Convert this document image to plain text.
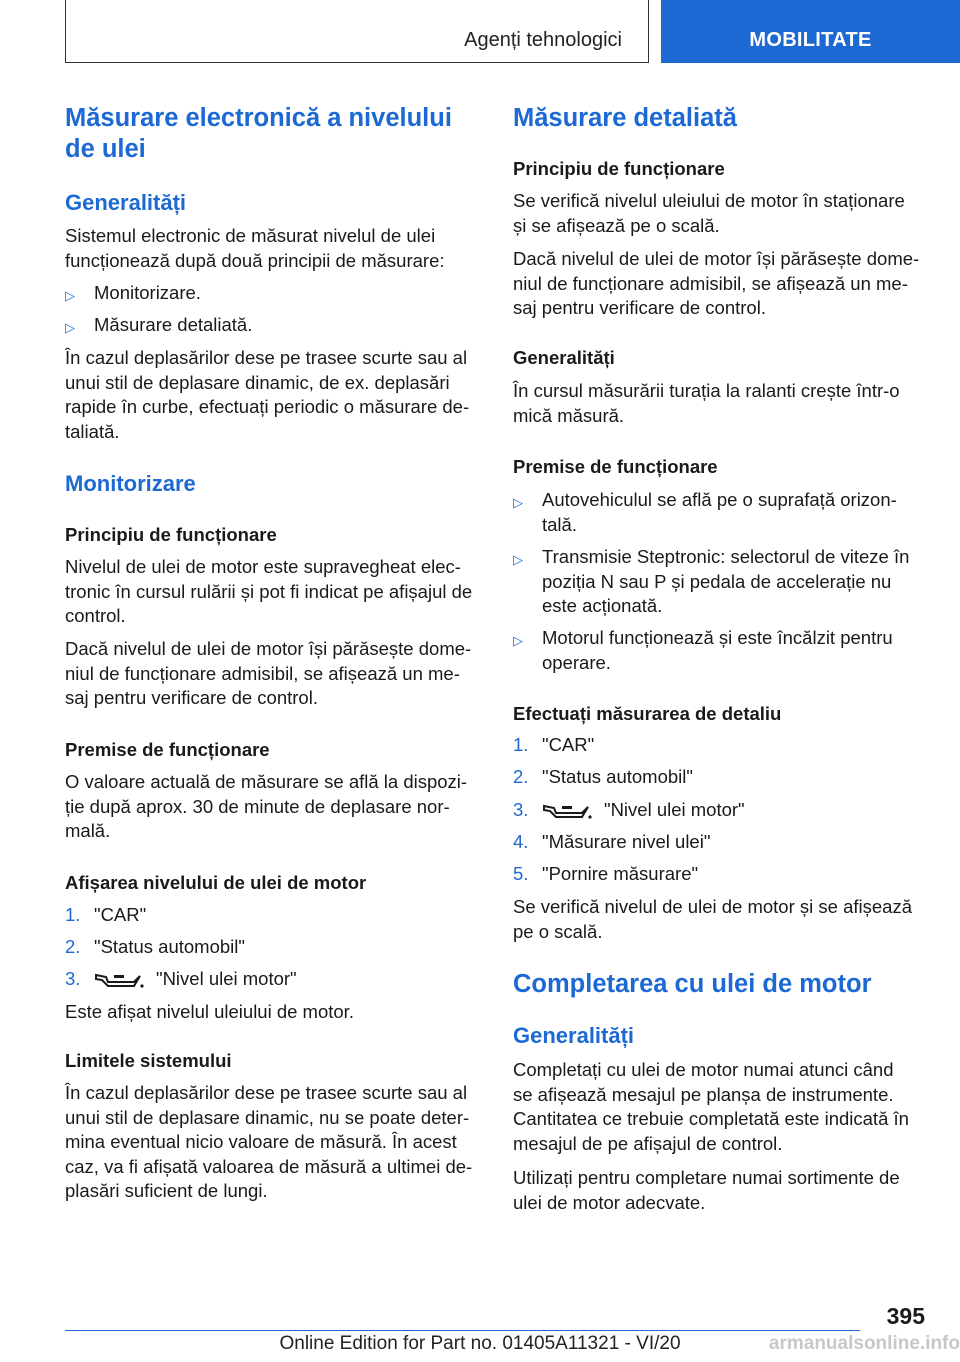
Agenți tehnologici	MOBILITATE
Măsurare electronică a nivelului
de ulei
Generalități
Sistemul electronic de măsurat nivelul de ulei
funcționează după două principii de măsurare:
▷ Monitorizare.
▷ Măsurare detaliată.
În cazul deplasărilor dese pe trasee scurte sau al
unui stil de deplasare dinamic, de ex. deplasări
rapide în curbe, efectuați periodic o măsurare de‐
taliată.
Monitorizare
Principiu de funcționare
Nivelul de ulei de motor este supravegheat elec‐
tronic în cursul rulării și pot fi indicat pe afișajul de
control.
Dacă nivelul de ulei de motor își părăsește dome‐
niul de funcționare admisibil, se afișează un me‐
saj pentru verificare de control.
Premise de funcționare
O valoare actuală de măsurare se află la dispozi‐
ție după aprox. 30 de minute de deplasare nor‐
mală.
Afișarea nivelului de ulei de motor
1. "CAR"
2. "Status automobil"
3.	"Nivel ulei motor"
Este afișat nivelul uleiului de motor.
Limitele sistemului
În cazul deplasărilor dese pe trasee scurte sau al
unui stil de deplasare dinamic, nu se poate deter‐
mina eventual nicio valoare de măsură. În acest
caz, va fi afișată valoarea de măsură a ultimei de‐
plasări suficient de lungi.
Măsurare detaliată
Principiu de funcționare
Se verifică nivelul uleiului de motor în staționare
și se afișează pe o scală.
Dacă nivelul de ulei de motor își părăsește dome‐
niul de funcționare admisibil, se afișează un me‐
saj pentru verificare de control.
Generalități
În cursul măsurării turația la ralanti crește într-o
mică măsură.
Premise de funcționare
▷ Autovehiculul se află pe o suprafață orizon‐
tală.
▷ Transmisie Steptronic: selectorul de viteze în
poziția N sau P și pedala de accelerație nu
este acționată.
▷ Motorul funcționează și este încălzit pentru
operare.
Efectuați măsurarea de detaliu
1. "CAR"
2. "Status automobil"
3.	"Nivel ulei motor"
4. "Măsurare nivel ulei"
5. "Pornire măsurare"
Se verifică nivelul de ulei de motor și se afișează
pe o scală.
Completarea cu ulei de motor
Generalități
Completați cu ulei de motor numai atunci când
se afișează mesajul pe planșa de instrumente.
Cantitatea ce trebuie completată este indicată în
mesajul de pe afișajul de control.
Utilizați pentru completare numai sortimente de
ulei de motor adecvate.
395
Online Edition for Part no. 01405A11321 - VI/20	armanualsonline.info
